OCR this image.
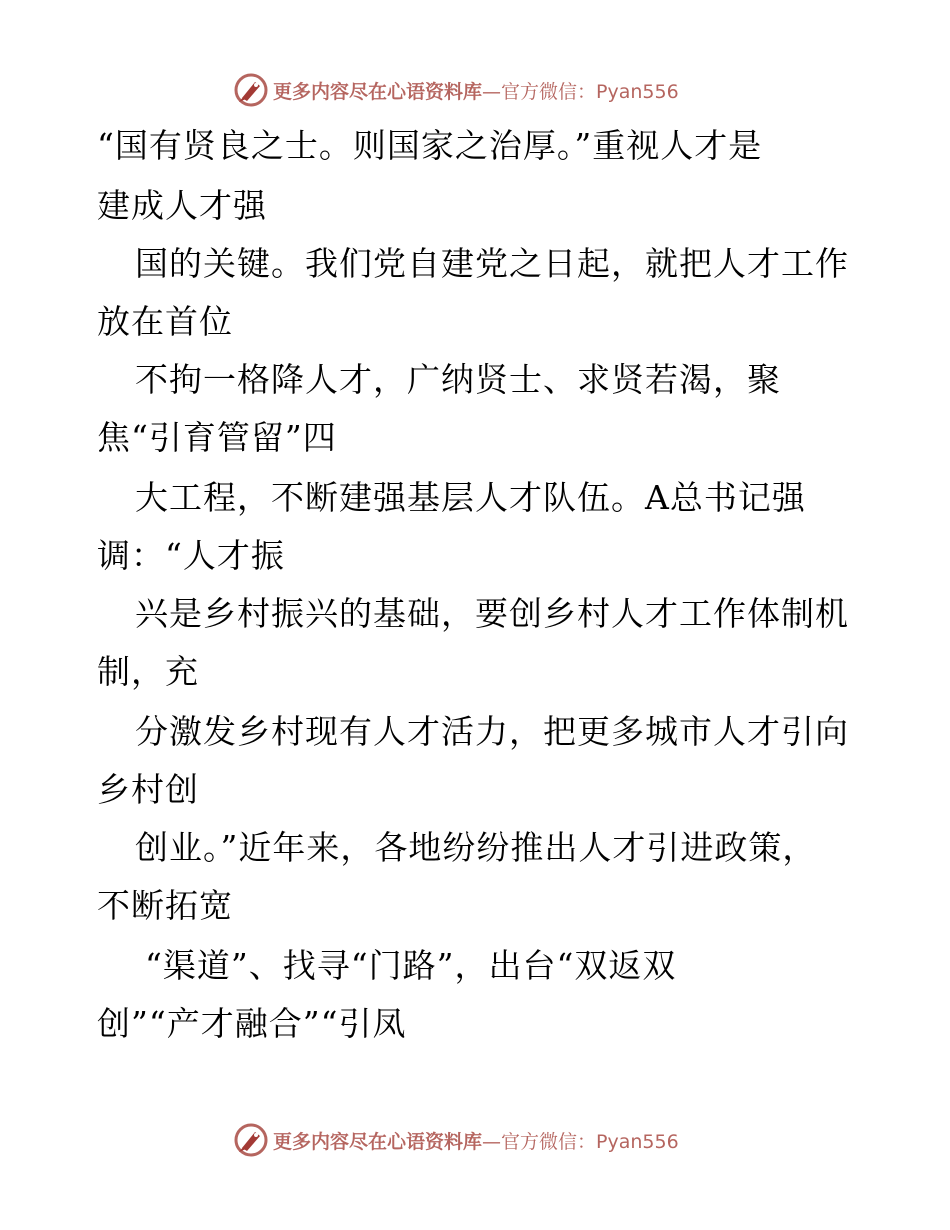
更多内容尽在心语资料库—官方微信：Pyan556
“国有贤良之士。则国家之治厚。”重视人才是
建成人才强
国的关键。我们党自建党之日起，就把人才工作
放在首位
不拘一格降人才，广纳贤士、求贤若渴，聚
焦“引育管留”四
大工程，不断建强基层人才队伍。A总书记强
调：“人才振
兴是乡村振兴的基础，要创乡村人才工作体制机
制，充
分激发乡村现有人才活力，把更多城市人才引向
乡村创
创业。”近年来，各地纷纷推出人才引进政策，
不断拓宽
“渠道”、找寻“门路”，出台“双返双
创”“产才融合”“引凤
更多内容尽在心语资料库—官方微信：Pyan556
